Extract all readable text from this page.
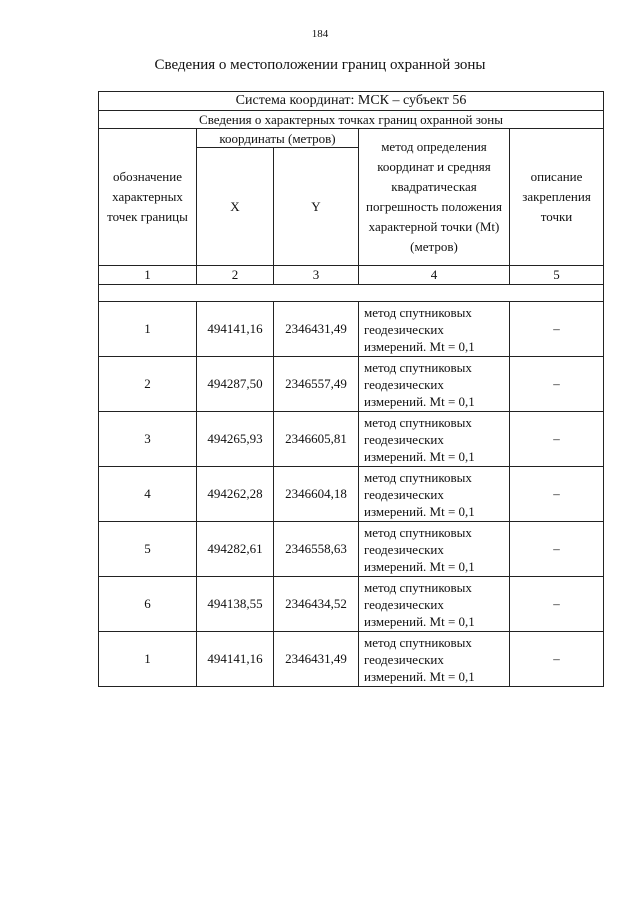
184
Сведения о местоположении границ охранной зоны
Система координат: МСК – субъект 56				
Сведения о характерных точках границ охранной зоны				
обозначение характерных точек границы	координаты (метров)		метод определения координат и средняя квадратическая погрешность положения характерной точки (Mt) (метров)	описание закрепления точки
	X	Y		
1	2	3	4	5

1	494141,16	2346431,49	метод спутниковых геодезических измерений. Mt = 0,1	–
2	494287,50	2346557,49	метод спутниковых геодезических измерений. Mt = 0,1	–
3	494265,93	2346605,81	метод спутниковых геодезических измерений. Mt = 0,1	–
4	494262,28	2346604,18	метод спутниковых геодезических измерений. Mt = 0,1	–
5	494282,61	2346558,63	метод спутниковых геодезических измерений. Mt = 0,1	–
6	494138,55	2346434,52	метод спутниковых геодезических измерений. Mt = 0,1	–
1	494141,16	2346431,49	метод спутниковых геодезических измерений. Mt = 0,1	–
